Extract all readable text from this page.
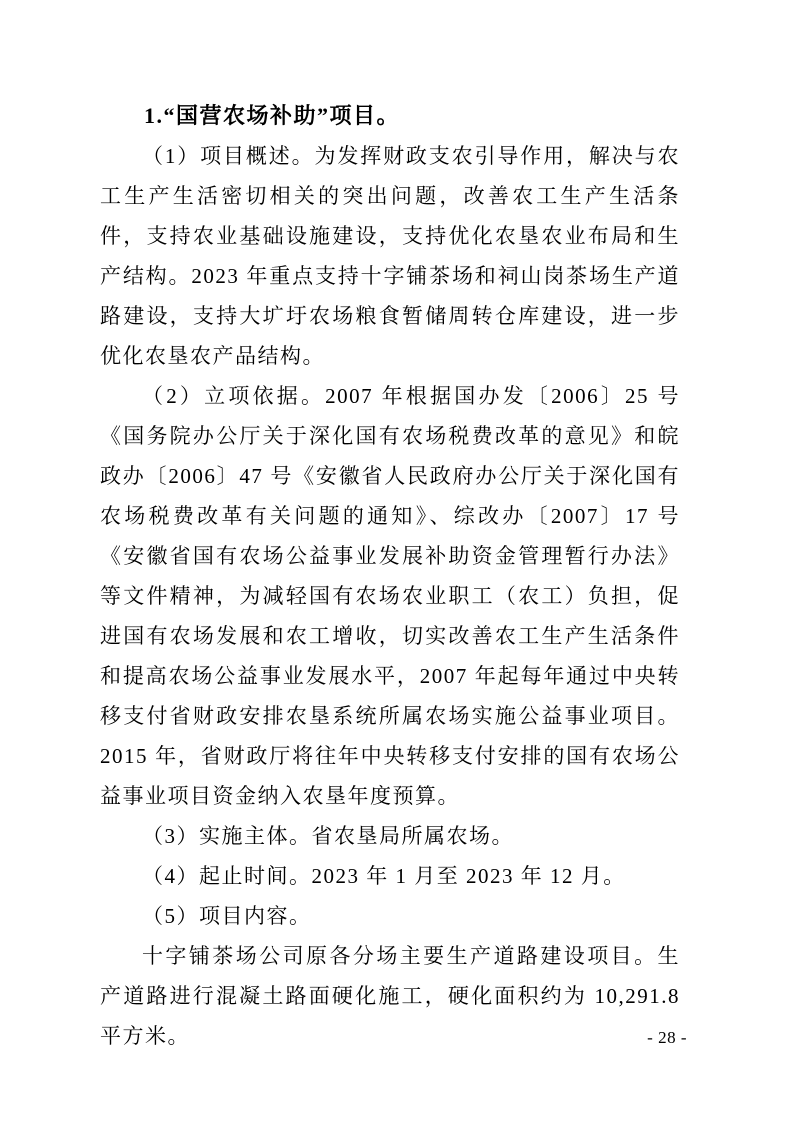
1.“国营农场补助”项目。

（1）项目概述。为发挥财政支农引导作用，解决与农工生产生活密切相关的突出问题，改善农工生产生活条件，支持农业基础设施建设，支持优化农垦农业布局和生产结构。2023 年重点支持十字铺茶场和祠山岗茶场生产道路建设，支持大圹圩农场粮食暂储周转仓库建设，进一步优化农垦农产品结构。

（2）立项依据。2007 年根据国办发〔2006〕25 号《国务院办公厅关于深化国有农场税费改革的意见》和皖政办〔2006〕47 号《安徽省人民政府办公厅关于深化国有农场税费改革有关问题的通知》、综改办〔2007〕17 号《安徽省国有农场公益事业发展补助资金管理暂行办法》等文件精神，为减轻国有农场农业职工（农工）负担，促进国有农场发展和农工增收，切实改善农工生产生活条件和提高农场公益事业发展水平，2007 年起每年通过中央转移支付省财政安排农垦系统所属农场实施公益事业项目。2015 年，省财政厅将往年中央转移支付安排的国有农场公益事业项目资金纳入农垦年度预算。

（3）实施主体。省农垦局所属农场。

（4）起止时间。2023 年 1 月至 2023 年 12 月。

（5）项目内容。

十字铺茶场公司原各分场主要生产道路建设项目。生产道路进行混凝土路面硬化施工，硬化面积约为 10,291.8 平方米。	- 28 -
